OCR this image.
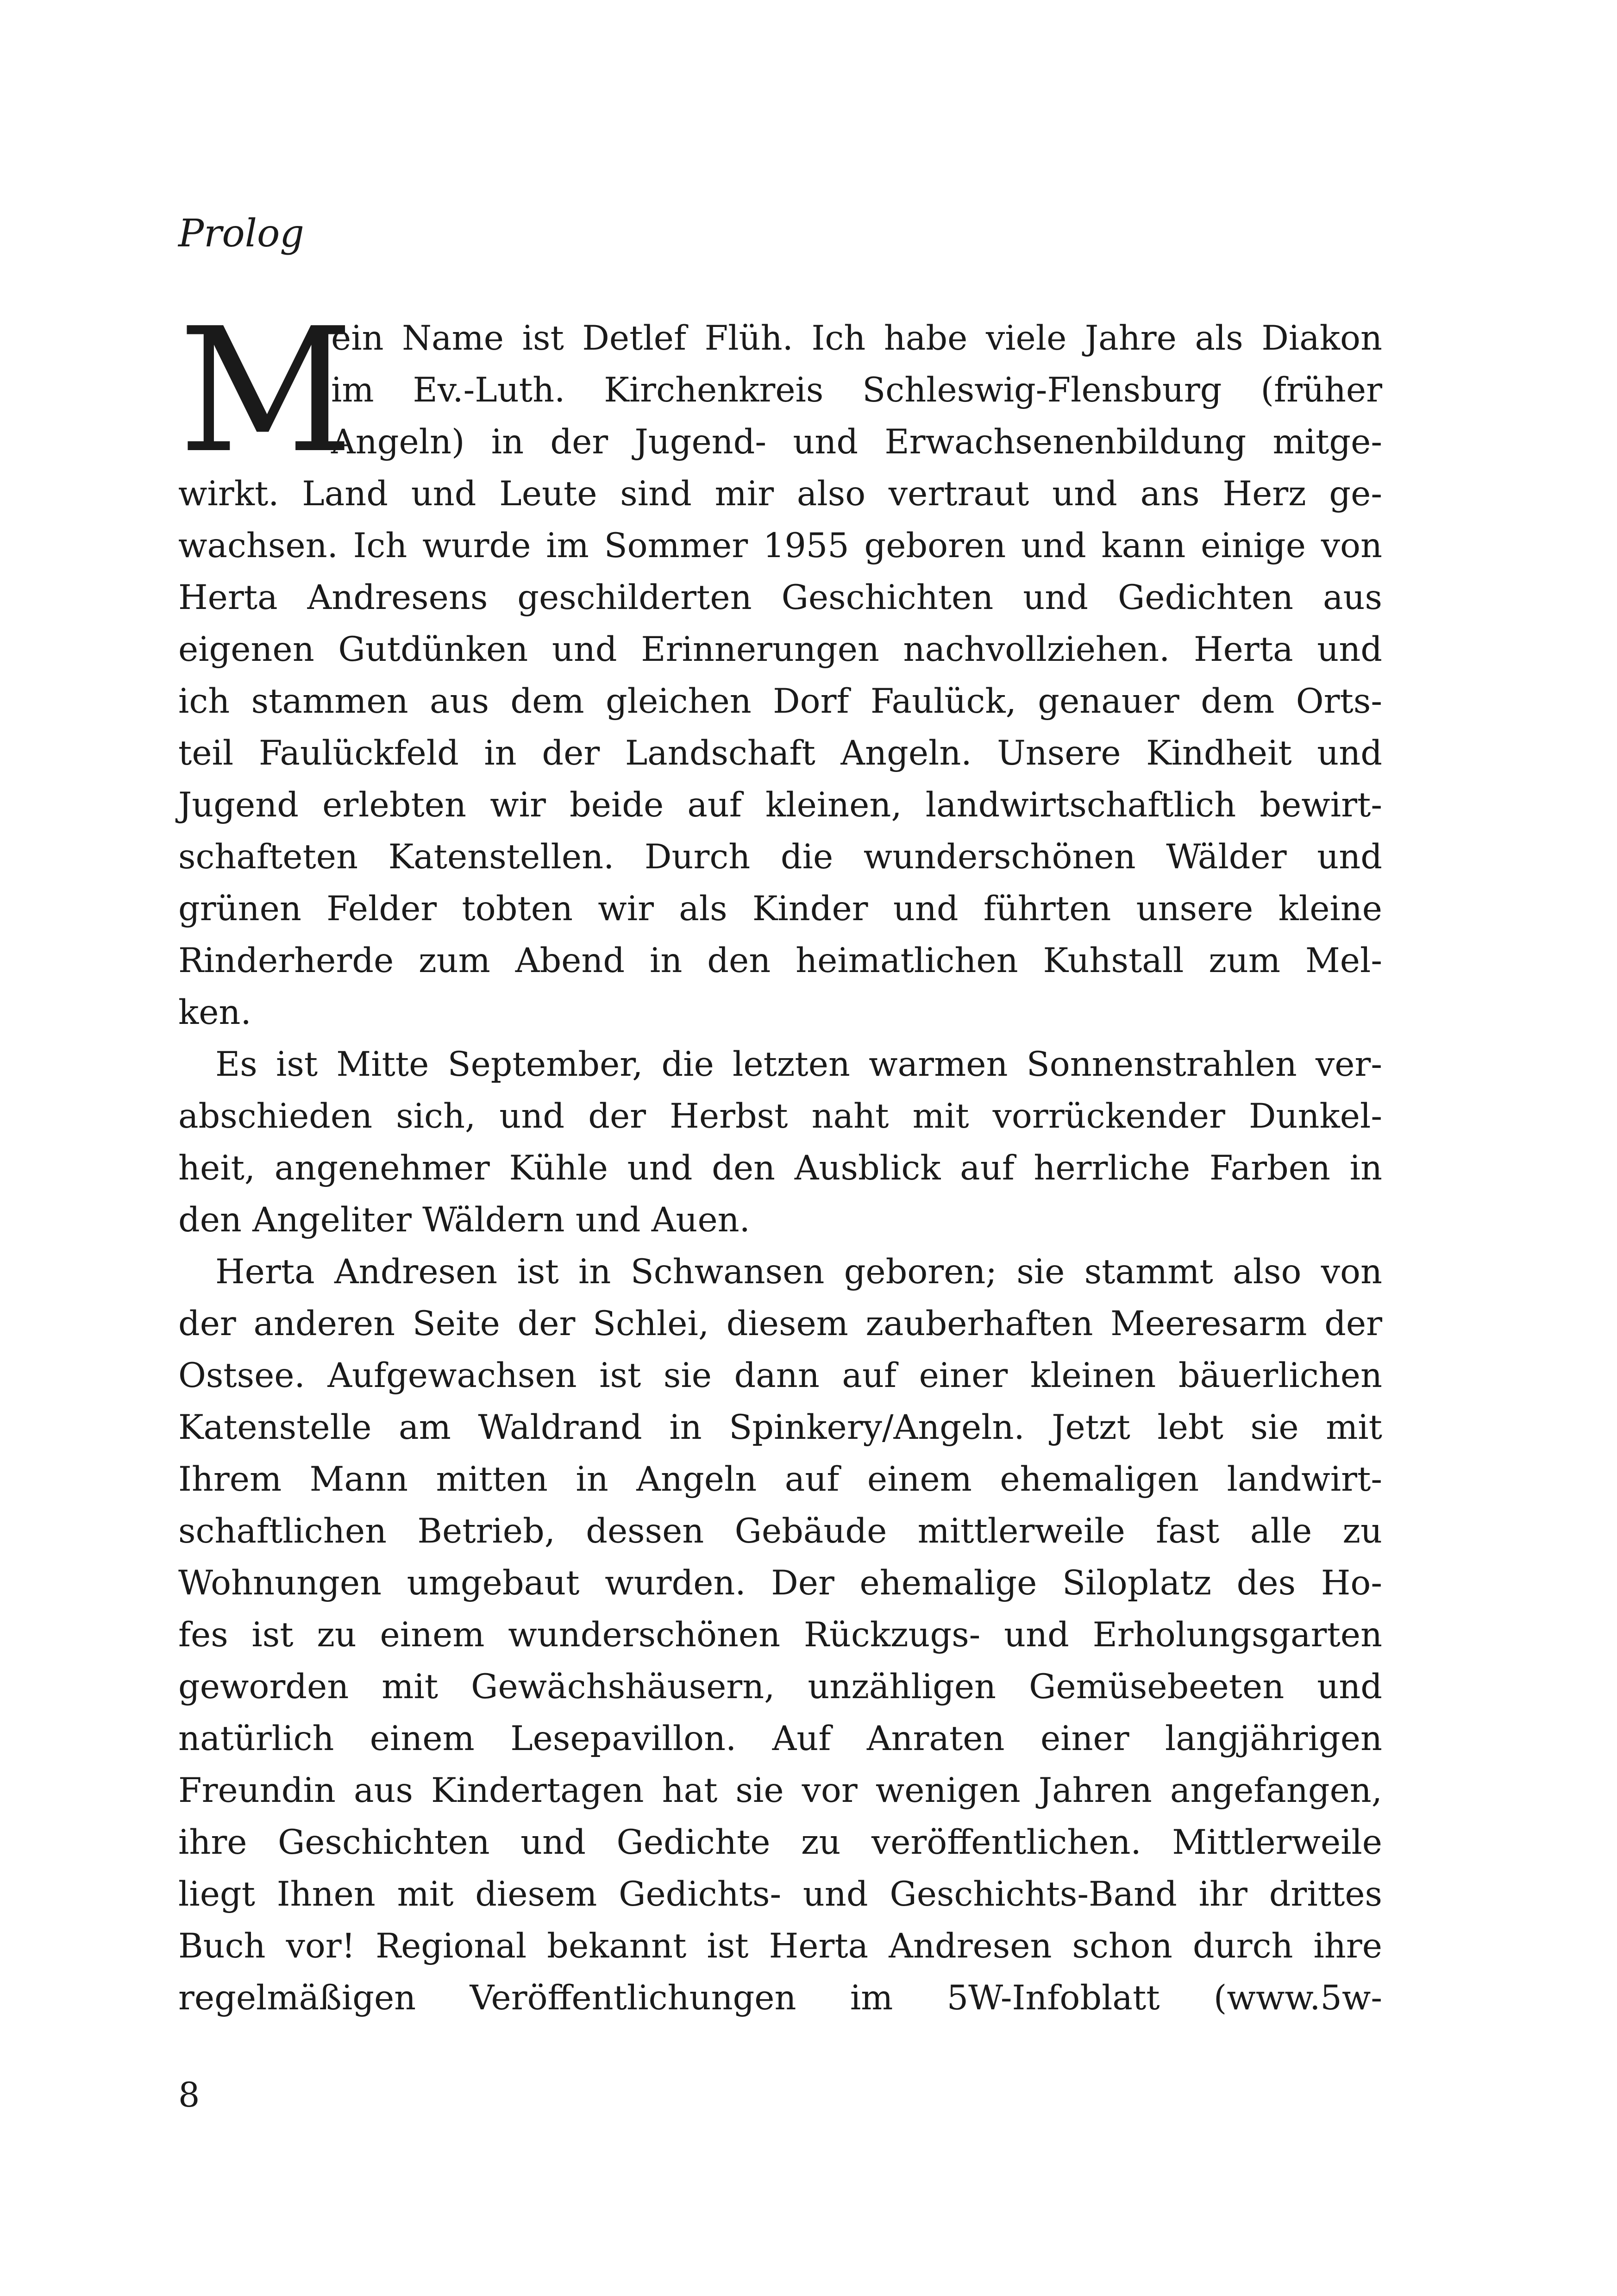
Prolog
M
ein Name ist Detlef Flüh. Ich habe viele Jahre als Diakon
im Ev.-Luth. Kirchenkreis Schleswig-Flensburg (früher
Angeln) in der Jugend- und Erwachsenenbildung mitge-
wirkt. Land und Leute sind mir also vertraut und ans Herz ge-
wachsen. Ich wurde im Sommer 1955 geboren und kann einige von
Herta Andresens geschilderten Geschichten und Gedichten aus
eigenen Gutdünken und Erinnerungen nachvollziehen. Herta und
ich stammen aus dem gleichen Dorf Faulück, genauer dem Orts-
teil Faulückfeld in der Landschaft Angeln. Unsere Kindheit und
Jugend erlebten wir beide auf kleinen, landwirtschaftlich bewirt-
schafteten Katenstellen. Durch die wunderschönen Wälder und
grünen Felder tobten wir als Kinder und führten unsere kleine
Rinderherde zum Abend in den heimatlichen Kuhstall zum Mel-
ken.
Es ist Mitte September, die letzten warmen Sonnenstrahlen ver-
abschieden sich, und der Herbst naht mit vorrückender Dunkel-
heit, angenehmer Kühle und den Ausblick auf herrliche Farben in
den Angeliter Wäldern und Auen.
Herta Andresen ist in Schwansen geboren; sie stammt also von
der anderen Seite der Schlei, diesem zauberhaften Meeresarm der
Ostsee. Aufgewachsen ist sie dann auf einer kleinen bäuerlichen
Katenstelle am Waldrand in Spinkery/Angeln. Jetzt lebt sie mit
Ihrem Mann mitten in Angeln auf einem ehemaligen landwirt-
schaftlichen Betrieb, dessen Gebäude mittlerweile fast alle zu
Wohnungen umgebaut wurden. Der ehemalige Siloplatz des Ho-
fes ist zu einem wunderschönen Rückzugs- und Erholungsgarten
geworden mit Gewächshäusern, unzähligen Gemüsebeeten und
natürlich einem Lesepavillon. Auf Anraten einer langjährigen
Freundin aus Kindertagen hat sie vor wenigen Jahren angefangen,
ihre Geschichten und Gedichte zu veröffentlichen. Mittlerweile
liegt Ihnen mit diesem Gedichts- und Geschichts-Band ihr drittes
Buch vor! Regional bekannt ist Herta Andresen schon durch ihre
regelmäßigen Veröffentlichungen im 5W-Infoblatt (www.5w-
8
